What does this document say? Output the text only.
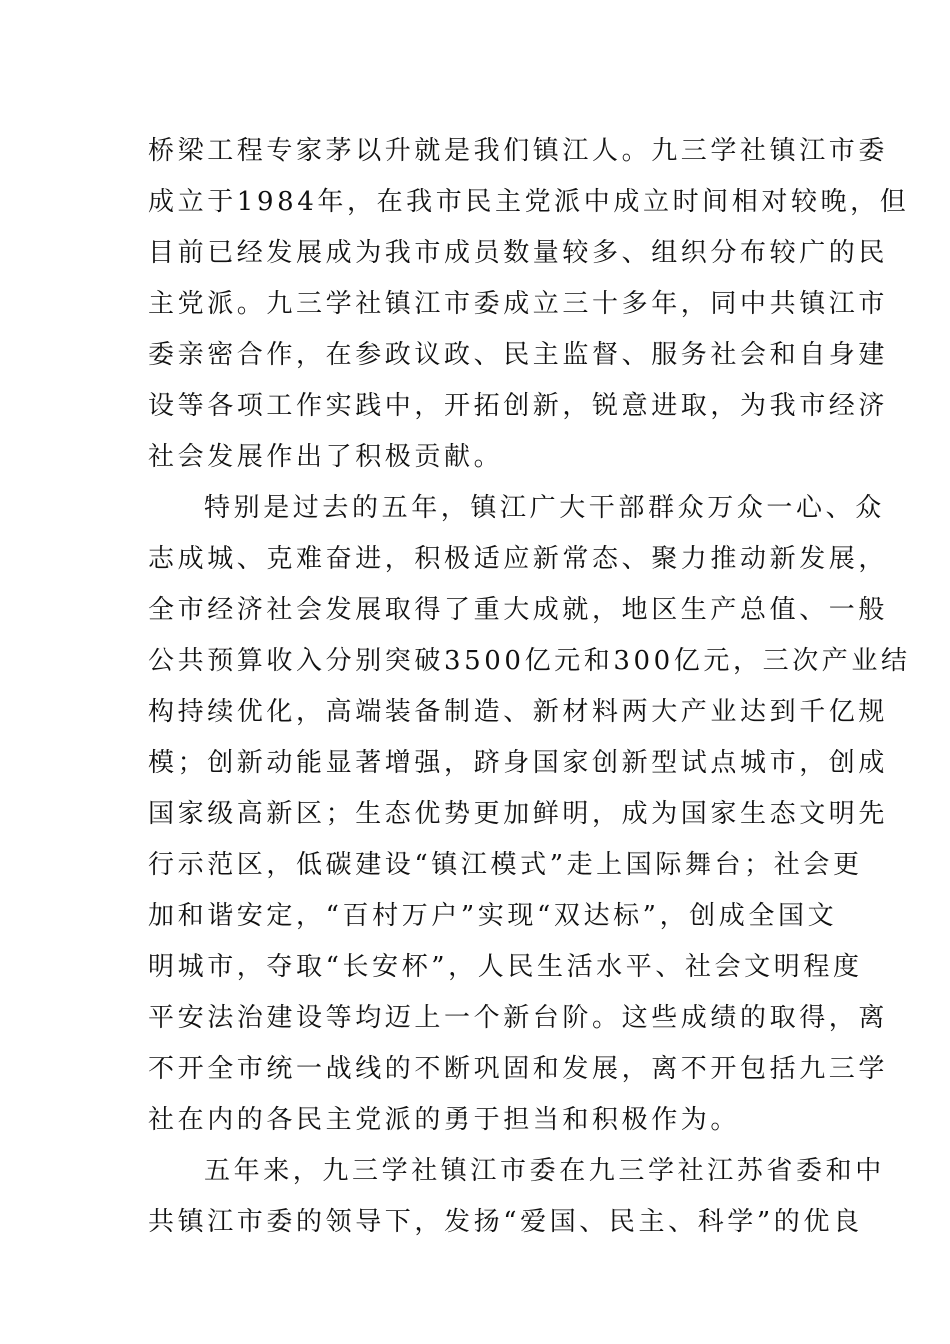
桥梁工程专家茅以升就是我们镇江人。九三学社镇江市委
成立于1984年，在我市民主党派中成立时间相对较晚，但
目前已经发展成为我市成员数量较多、组织分布较广的民
主党派。九三学社镇江市委成立三十多年，同中共镇江市
委亲密合作，在参政议政、民主监督、服务社会和自身建
设等各项工作实践中，开拓创新，锐意进取，为我市经济
社会发展作出了积极贡献。
特别是过去的五年，镇江广大干部群众万众一心、众
志成城、克难奋进，积极适应新常态、聚力推动新发展，
全市经济社会发展取得了重大成就，地区生产总值、一般
公共预算收入分别突破3500亿元和300亿元，三次产业结
构持续优化，高端装备制造、新材料两大产业达到千亿规
模；创新动能显著增强，跻身国家创新型试点城市，创成
国家级高新区；生态优势更加鲜明，成为国家生态文明先
行示范区，低碳建设“镇江模式”走上国际舞台；社会更
加和谐安定，“百村万户”实现“双达标”，创成全国文
明城市，夺取“长安杯”，人民生活水平、社会文明程度
平安法治建设等均迈上一个新台阶。这些成绩的取得，离
不开全市统一战线的不断巩固和发展，离不开包括九三学
社在内的各民主党派的勇于担当和积极作为。
五年来，九三学社镇江市委在九三学社江苏省委和中
共镇江市委的领导下，发扬“爱国、民主、科学”的优良
